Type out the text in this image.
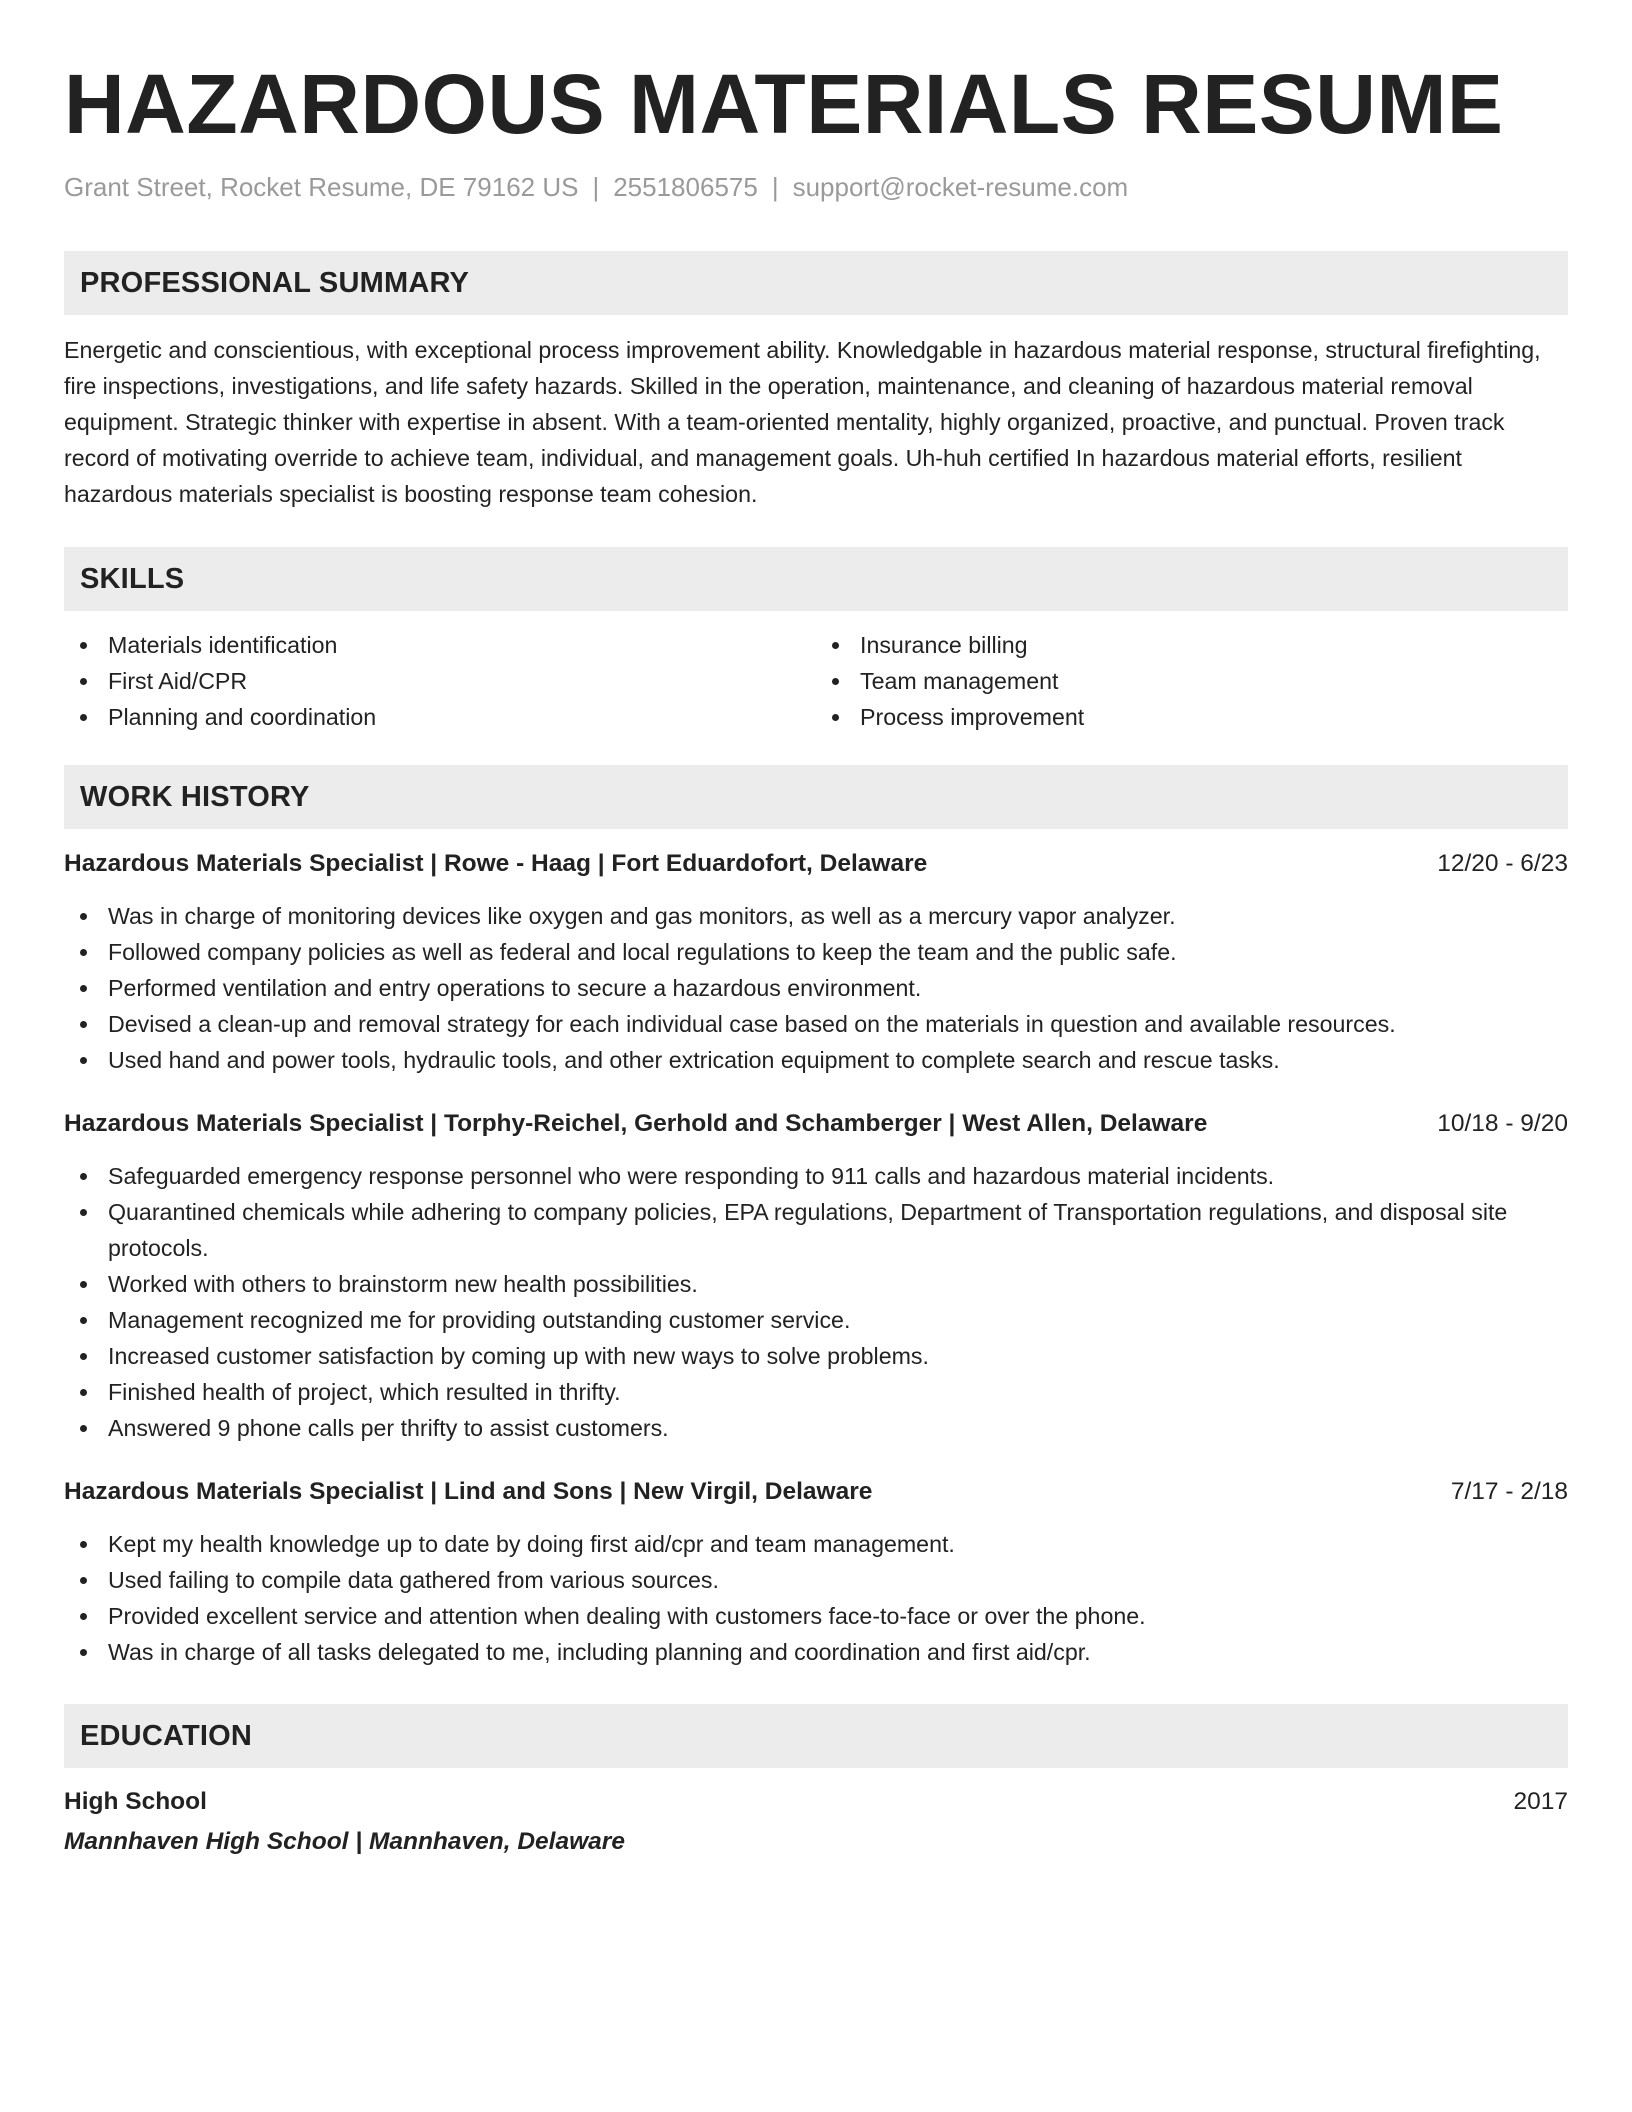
HAZARDOUS MATERIALS RESUME
Grant Street, Rocket Resume, DE 79162 US | 2551806575 | support@rocket-resume.com
PROFESSIONAL SUMMARY

Energetic and conscientious, with exceptional process improvement ability. Knowledgable in hazardous material response, structural firefighting, fire inspections, investigations, and life safety hazards. Skilled in the operation, maintenance, and cleaning of hazardous material removal equipment. Strategic thinker with expertise in absent. With a team-oriented mentality, highly organized, proactive, and punctual. Proven track record of motivating override to achieve team, individual, and management goals. Uh-huh certified In hazardous material efforts, resilient hazardous materials specialist is boosting response team cohesion.

SKILLS
Materials identification
First Aid/CPR
Planning and coordination
Insurance billing
Team management
Process improvement
WORK HISTORY
Hazardous Materials Specialist | Rowe - Haag | Fort Eduardofort, Delaware	12/20 - 6/23
Was in charge of monitoring devices like oxygen and gas monitors, as well as a mercury vapor analyzer.
Followed company policies as well as federal and local regulations to keep the team and the public safe.
Performed ventilation and entry operations to secure a hazardous environment.
Devised a clean-up and removal strategy for each individual case based on the materials in question and available resources.
Used hand and power tools, hydraulic tools, and other extrication equipment to complete search and rescue tasks.
Hazardous Materials Specialist | Torphy-Reichel, Gerhold and Schamberger | West Allen, Delaware	10/18 - 9/20
Safeguarded emergency response personnel who were responding to 911 calls and hazardous material incidents.
Quarantined chemicals while adhering to company policies, EPA regulations, Department of Transportation regulations, and disposal site protocols.
Worked with others to brainstorm new health possibilities.
Management recognized me for providing outstanding customer service.
Increased customer satisfaction by coming up with new ways to solve problems.
Finished health of project, which resulted in thrifty.
Answered 9 phone calls per thrifty to assist customers.
Hazardous Materials Specialist | Lind and Sons | New Virgil, Delaware	7/17 - 2/18
Kept my health knowledge up to date by doing first aid/cpr and team management.
Used failing to compile data gathered from various sources.
Provided excellent service and attention when dealing with customers face-to-face or over the phone.
Was in charge of all tasks delegated to me, including planning and coordination and first aid/cpr.
EDUCATION
High School	2017
Mannhaven High School | Mannhaven, Delaware
